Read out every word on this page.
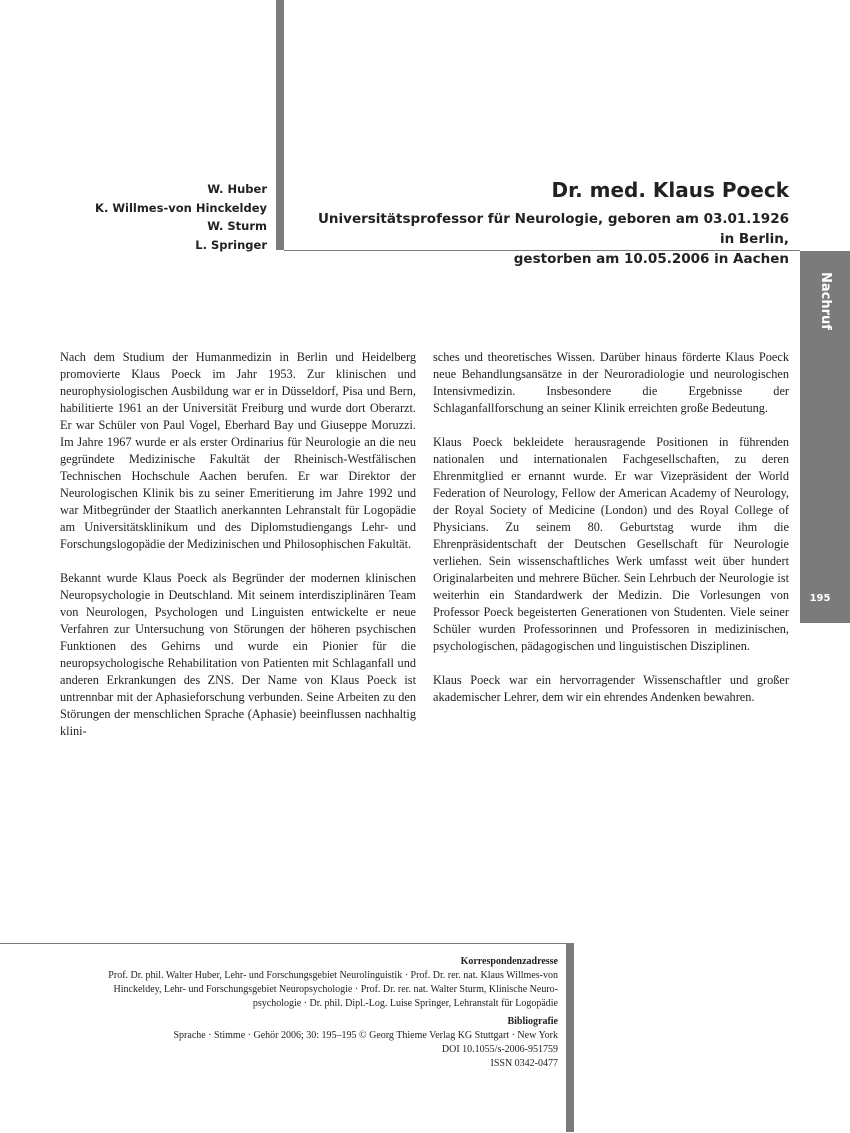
W. Huber
K. Willmes-von Hinckeldey
W. Sturm
L. Springer
Dr. med. Klaus Poeck
Universitätsprofessor für Neurologie, geboren am 03.01.1926 in Berlin,
gestorben am 10.05.2006 in Aachen
Nachruf
195

Nach dem Studium der Humanmedizin in Berlin und Heidelberg promovierte Klaus Poeck im Jahr 1953. Zur klinischen und neurophysiologischen Ausbildung war er in Düsseldorf, Pisa und Bern, habilitierte 1961 an der Universität Freiburg und wurde dort Oberarzt. Er war Schüler von Paul Vogel, Eberhard Bay und Giuseppe Moruzzi. Im Jahre 1967 wurde er als erster Ordinarius für Neurologie an die neu gegründete Medizinische Fakultät der Rheinisch-Westfälischen Technischen Hochschule Aachen berufen. Er war Direktor der Neurologischen Klinik bis zu seiner Emeritierung im Jahre 1992 und war Mitbegründer der Staatlich anerkannten Lehranstalt für Logopädie am Universitätsklinikum und des Diplomstudiengangs Lehr- und Forschungslogopädie der Medizinischen und Philosophischen Fakultät.

Bekannt wurde Klaus Poeck als Begründer der modernen klinischen Neuropsychologie in Deutschland. Mit seinem interdisziplinären Team von Neurologen, Psychologen und Linguisten entwickelte er neue Verfahren zur Untersuchung von Störungen der höheren psychischen Funktionen des Gehirns und wurde ein Pionier für die neuropsychologische Rehabilitation von Patienten mit Schlaganfall und anderen Erkrankungen des ZNS. Der Name von Klaus Poeck ist untrennbar mit der Aphasieforschung verbunden. Seine Arbeiten zu den Störungen der menschlichen Sprache (Aphasie) beeinflussen nachhaltig klini-

sches und theoretisches Wissen. Darüber hinaus förderte Klaus Poeck neue Behandlungsansätze in der Neuroradiologie und neurologischen Intensivmedizin. Insbesondere die Ergebnisse der Schlaganfallforschung an seiner Klinik erreichten große Bedeutung.

Klaus Poeck bekleidete herausragende Positionen in führenden nationalen und internationalen Fachgesellschaften, zu deren Ehrenmitglied er ernannt wurde. Er war Vizepräsident der World Federation of Neurology, Fellow der American Academy of Neurology, der Royal Society of Medicine (London) und des Royal College of Physicians. Zu seinem 80. Geburtstag wurde ihm die Ehrenpräsidentschaft der Deutschen Gesellschaft für Neurologie verliehen. Sein wissenschaftliches Werk umfasst weit über hundert Originalarbeiten und mehrere Bücher. Sein Lehrbuch der Neurologie ist weiterhin ein Standardwerk der Medizin. Die Vorlesungen von Professor Poeck begeisterten Generationen von Studenten. Viele seiner Schüler wurden Professorinnen und Professoren in medizinischen, psychologischen, pädagogischen und linguistischen Disziplinen.

Klaus Poeck war ein hervorragender Wissenschaftler und großer akademischer Lehrer, dem wir ein ehrendes Andenken bewahren.

Korrespondenzadresse
Prof. Dr. phil. Walter Huber, Lehr- und Forschungsgebiet Neurolinguistik · Prof. Dr. rer. nat. Klaus Willmes-von
Hinckeldey, Lehr- und Forschungsgebiet Neuropsychologie · Prof. Dr. rer. nat. Walter Sturm, Klinische Neuro-
psychologie · Dr. phil. Dipl.-Log. Luise Springer, Lehranstalt für Logopädie
Bibliografie
Sprache · Stimme · Gehör 2006; 30: 195–195 © Georg Thieme Verlag KG Stuttgart · New York
DOI 10.1055/s-2006-951759
ISSN 0342-0477
